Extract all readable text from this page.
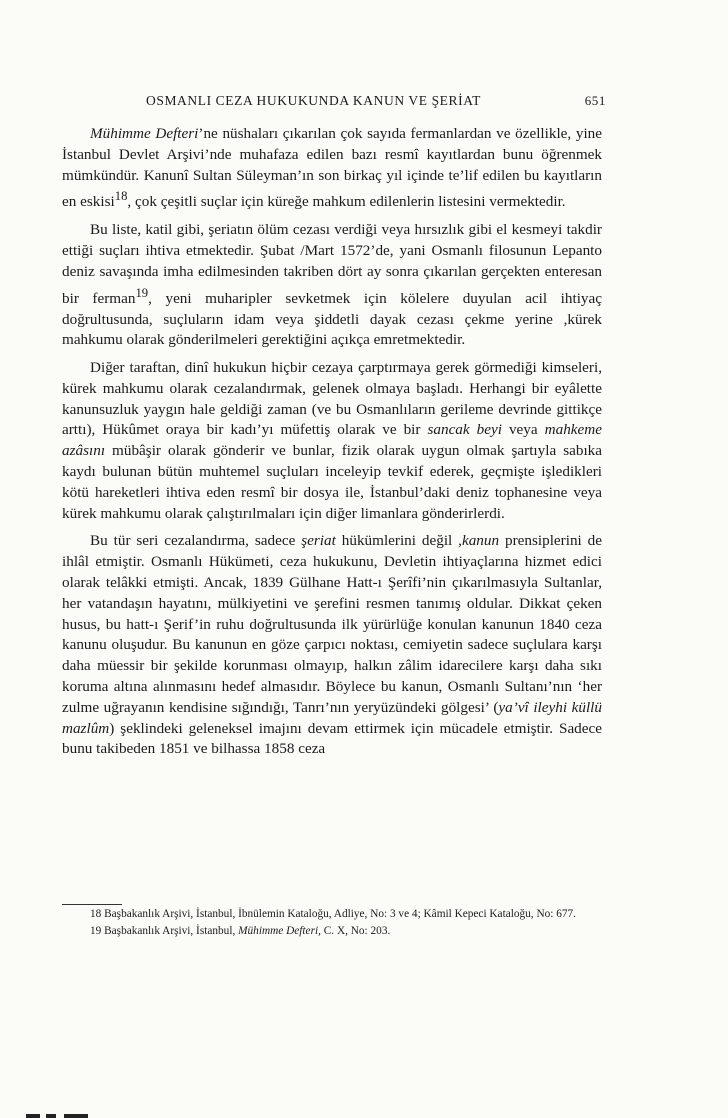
OSMANLI CEZA HUKUKUNDA KANUN VE ŞERİAT	651

Mühimme Defteri’ne nüshaları çıkarılan çok sayıda fermanlardan ve özellikle, yine İstanbul Devlet Arşivi’nde muhafaza edilen bazı resmî kayıtlardan bunu öğrenmek mümkündür. Kanunî Sultan Süleyman’ın son birkaç yıl içinde te’lif edilen bu kayıtların en eskisi$^{18}$, çok çeşitli suçlar için küreğe mahkum edilenlerin listesini vermektedir.

Bu liste, katil gibi, şeriatın ölüm cezası verdiği veya hırsızlık gibi el kesmeyi takdir ettiği suçları ihtiva etmektedir. Şubat /Mart 1572’de, yani Osmanlı filosunun Lepanto deniz savaşında imha edilmesinden takriben dört ay sonra çıkarılan gerçekten enteresan bir ferman$^{19}$, yeni muharipler sevketmek için kölelere duyulan acil ihtiyaç doğrultusunda, suçluların idam veya şiddetli dayak cezası çekme yerine ,kürek mahkumu olarak gönderilmeleri gerektiğini açıkça emretmektedir.

Diğer taraftan, dinî hukukun hiçbir cezaya çarptırmaya gerek görmediği kimseleri, kürek mahkumu olarak cezalandırmak, gelenek olmaya başladı. Herhangi bir eyâlette kanunsuzluk yaygın hale geldiği zaman (ve bu Osmanlıların gerileme devrinde gittikçe arttı), Hükûmet oraya bir kadı’yı müfettiş olarak ve bir sancak beyi veya mahkeme azâsını mübâşir olarak gönderir ve bunlar, fizik olarak uygun olmak şartıyla sabıka kaydı bulunan bütün muhtemel suçluları inceleyip tevkif ederek, geçmişte işledikleri kötü hareketleri ihtiva eden resmî bir dosya ile, İstanbul’daki deniz tophanesine veya kürek mahkumu olarak çalıştırılmaları için diğer limanlara gönderirlerdi.

Bu tür seri cezalandırma, sadece şeriat hükümlerini değil ,kanun prensiplerini de ihlâl etmiştir. Osmanlı Hükümeti, ceza hukukunu, Devletin ihtiyaçlarına hizmet edici olarak telâkki etmişti. Ancak, 1839 Gülhane Hatt-ı Şerîfi’nin çıkarılmasıyla Sultanlar, her vatandaşın hayatını, mülkiyetini ve şerefini resmen tanımış oldular. Dikkat çeken husus, bu hatt-ı Şerif’in ruhu doğrultusunda ilk yürürlüğe konulan kanunun 1840 ceza kanunu oluşudur. Bu kanunun en göze çarpıcı noktası, cemiyetin sadece suçlulara karşı daha müessir bir şekilde korunması olmayıp, halkın zâlim idarecilere karşı daha sıkı koruma altına alınmasını hedef almasıdır. Böylece bu kanun, Osmanlı Sultanı’nın ‘her zulme uğrayanın kendisine sığındığı, Tanrı’nın yeryüzündeki gölgesi’ (ya’vî ileyhi küllü mazlûm) şeklindeki geleneksel imajını devam ettirmek için mücadele etmiştir. Sadece bunu takibeden 1851 ve bilhassa 1858 ceza

18 Başbakanlık Arşivi, İstanbul, İbnülemin Kataloğu, Adliye, No: 3 ve 4; Kâmil Kepeci Kataloğu, No: 677.

19 Başbakanlık Arşivi, İstanbul, Mühimme Defteri, C. X, No: 203.
